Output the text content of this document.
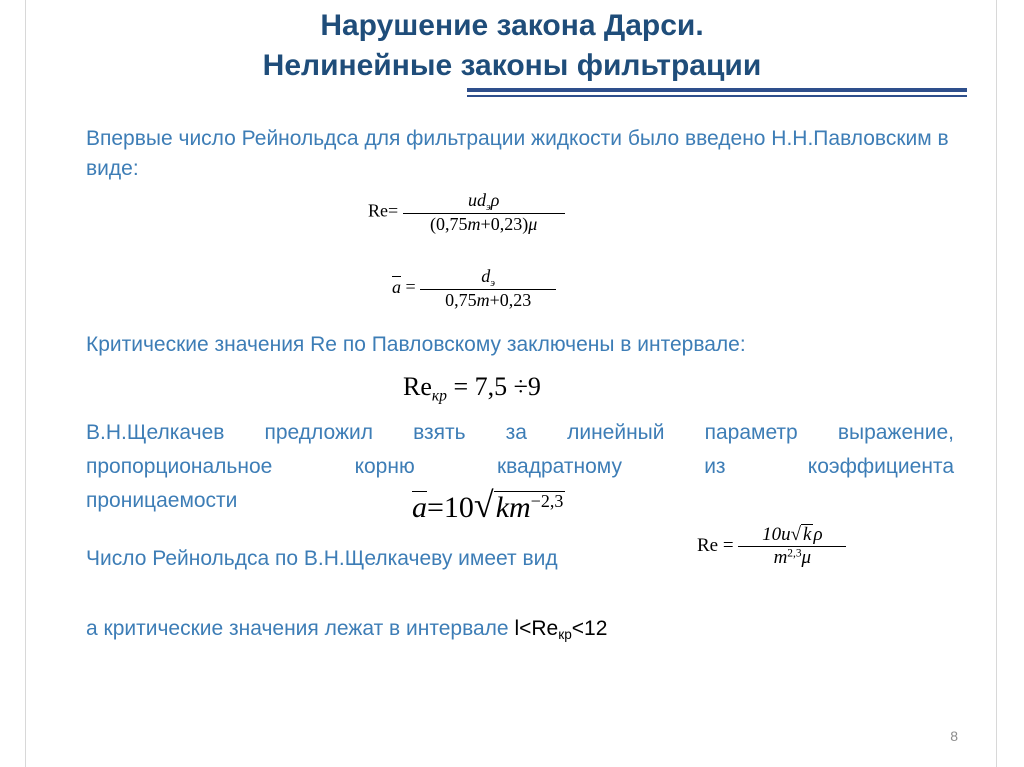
Нарушение закона Дарси.
Нелинейные законы фильтрации
Впервые число Рейнольдса для фильтрации жидкости было введено Н.Н.Павловским в виде:
$Re= \frac{ud_э\rho}{(0,75m+0,23)\mu}$
$a = \frac{d_э}{0,75m+0,23}$
Критические значения Re по Павловскому заключены в интервале:
$Re_{кр} = 7,5 \div 9$
В.Н.Щелкачев предложил взять за линейный параметр выражение,
пропорциональное корню квадратному из коэффициента
проницаемости	$a=10√km^{-2,3}$
Число Рейнольдса по В.Н.Щелкачеву имеет вид
$Re = \frac{\text{10u√ k ρ}}{m^{2,3}\mu}$
а критические значения лежат в интервале l<Reкр<12
8
